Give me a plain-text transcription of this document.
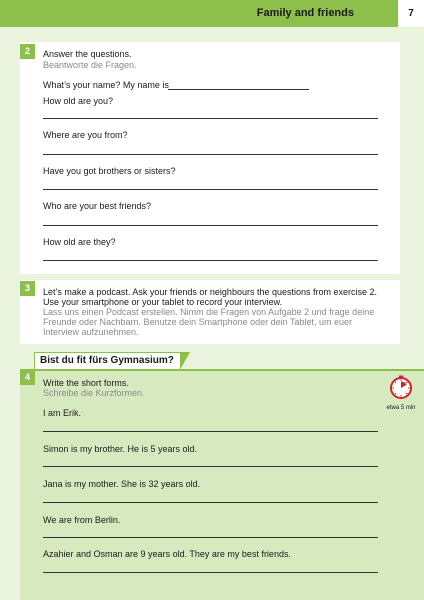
Family and friends	7
2	Answer the questions.
Beantworte die Fragen.
What’s your name? My name is
How old are you?
Where are you from?
Have you got brothers or sisters?
Who are your best friends?
How old are they?
3	Let’s make a podcast. Ask your friends or neighbours the questions from exercise 2.
Use your smartphone or your tablet to record your interview.
Lass uns einen Podcast erstellen. Nimm die Fragen von Aufgabe 2 und frage deine
Freunde oder Nachbarn. Benutze dein Smartphone oder dein Tablet, um euer
Interview aufzunehmen.
Bist du fit fürs Gymnasium?
4
Write the short forms.
Schreibe die Kurzformen.
etwa 5 min
I am Erik.
Simon is my brother. He is 5 years old.
Jana is my mother. She is 32 years old.
We are from Berlin.
Azahier and Osman are 9 years old. They are my best friends.
